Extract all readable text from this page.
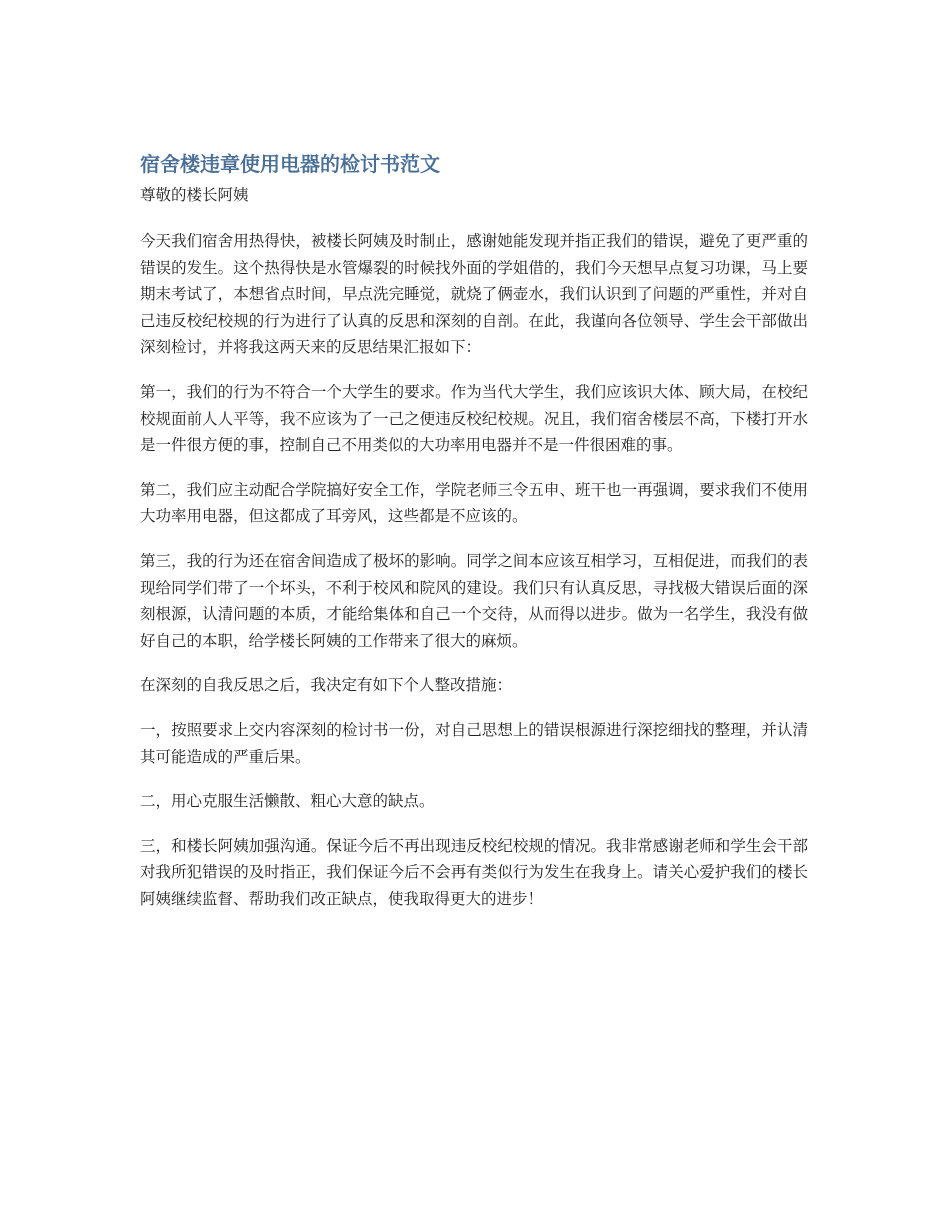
宿舍楼违章使用电器的检讨书范文

尊敬的楼长阿姨

今天我们宿舍用热得快，被楼长阿姨及时制止，感谢她能发现并指正我们的错误，避免了更严重的错误的发生。这个热得快是水管爆裂的时候找外面的学姐借的，我们今天想早点复习功课，马上要期末考试了，本想省点时间，早点洗完睡觉，就烧了俩壶水，我们认识到了问题的严重性，并对自己违反校纪校规的行为进行了认真的反思和深刻的自剖。在此，我谨向各位领导、学生会干部做出深刻检讨，并将我这两天来的反思结果汇报如下：

第一，我们的行为不符合一个大学生的要求。作为当代大学生，我们应该识大体、顾大局，在校纪校规面前人人平等，我不应该为了一己之便违反校纪校规。况且，我们宿舍楼层不高，下楼打开水是一件很方便的事，控制自己不用类似的大功率用电器并不是一件很困难的事。

第二，我们应主动配合学院搞好安全工作，学院老师三令五申、班干也一再强调，要求我们不使用大功率用电器，但这都成了耳旁风，这些都是不应该的。

第三，我的行为还在宿舍间造成了极坏的影响。同学之间本应该互相学习，互相促进，而我们的表现给同学们带了一个坏头，不利于校风和院风的建设。我们只有认真反思，寻找极大错误后面的深刻根源，认清问题的本质，才能给集体和自己一个交待，从而得以进步。做为一名学生，我没有做好自己的本职，给学楼长阿姨的工作带来了很大的麻烦。

在深刻的自我反思之后，我决定有如下个人整改措施：

一，按照要求上交内容深刻的检讨书一份，对自己思想上的错误根源进行深挖细找的整理，并认清其可能造成的严重后果。

二，用心克服生活懒散、粗心大意的缺点。

三，和楼长阿姨加强沟通。保证今后不再出现违反校纪校规的情况。我非常感谢老师和学生会干部对我所犯错误的及时指正，我们保证今后不会再有类似行为发生在我身上。请关心爱护我们的楼长阿姨继续监督、帮助我们改正缺点，使我取得更大的进步！
